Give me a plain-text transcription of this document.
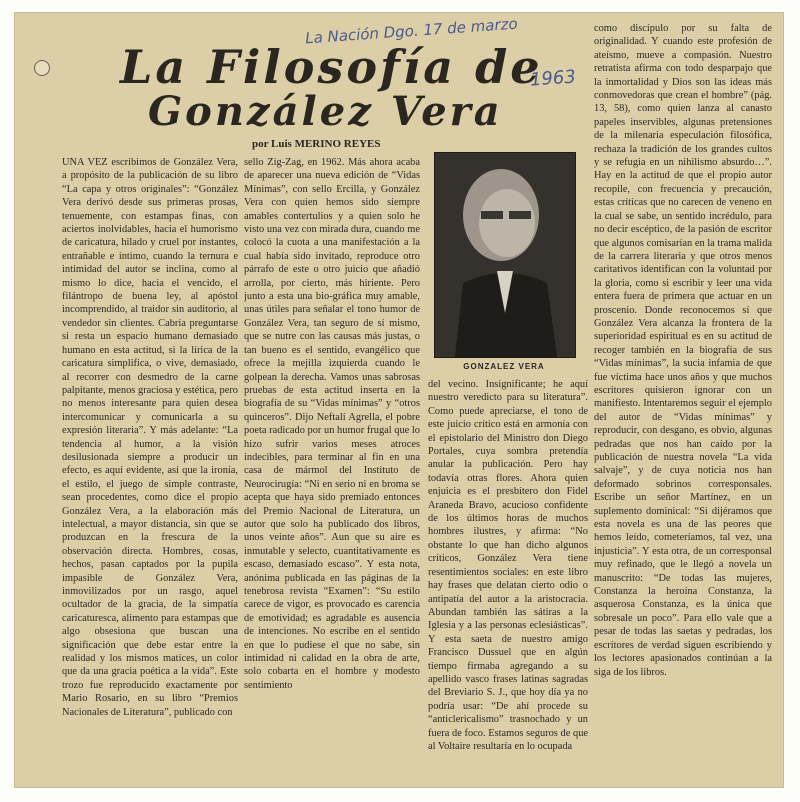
La Nación Dgo. 17 de marzo
1963
La Filosofía de
González Vera
por Luis MERINO REYES
UNA VEZ escribimos de González Vera, a propósito de la publicación de su libro “La capa y otros originales”: “González Vera derivó desde sus primeras prosas, tenuemente, con estampas finas, con aciertos inolvidables, hacia el humorismo de caricatura, hilado y cruel por instantes, entrañable e íntimo, cuando la ternura e intimidad del autor se inclina, como al mismo lo dice, hacia el vencido, el filántropo de buena ley, al apóstol incomprendido, al traidor sin auditorio, al vendedor sin clientes. Cabría preguntarse si resta un espacio humano demasiado humano en esta actitud, si la lírica de la caricatura simplifica, o vive, demasiado, al recorrer con desmedro de la carne palpitante, menos graciosa y estética, pero no menos interesante para quien desea intercomunicar y comunicarla a su expresión literaria”. Y más adelante: “La tendencia al humor, a la visión desilusionada siempre a producir un efecto, es aquí evidente, así que la ironía, el estilo, el juego de simple contraste, sean procedentes, como dice el propio González Vera, a la elaboración más intelectual, a mayor distancia, sin que se produzcan en la frescura de la observación directa. Hombres, cosas, hechos, pasan captados por la pupila impasible de González Vera, inmovilizados por un rasgo, aquel ocultador de la gracia, de la simpatía caricaturesca, alimento para estampas que algo obsesiona que buscan una significación que debe estar entre la realidad y los mismos matices, un color que da una gracia poética a la vida”. Este trozo fue reproducido exactamente por Mario Rosario, en su libro “Premios Nacionales de Literatura”, publicado con
sello Zig-Zag, en 1962. Más ahora acaba de aparecer una nueva edición de “Vidas Mínimas”, con sello Ercilla, y González Vera con quien hemos sido siempre amables contertulios y a quien solo he visto una vez con mirada dura, cuando me colocó la cuota a una manifestación a la cual había sido invitado, reproduce otro párrafo de este o otro juicio que añadió arrolla, por cierto, más hiriente. Pero junto a esta una bio-gráfica muy amable, unas útiles para señalar el tono humor de González Vera, tan seguro de sí mismo, que se nutre con las causas más justas, o tan bueno es el sentido, evangélico que ofrece la mejilla izquierda cuando le golpean la derecha. Vamos unas sabrosas pruebas de esta actitud inserta en la biografía de su “Vidas mínimas” y “otros quinceros”. Dijo Neftalí Agrella, el pobre poeta radicado por un humor frugal que lo hizo sufrir varios meses atroces indecibles, para terminar al fin en una casa de mármol del Instituto de Neurocirugía: “Ni en serio ni en broma se acepta que haya sido premiado entonces del Premio Nacional de Literatura, un autor que solo ha publicado dos libros, unos veinte años”. Aun que su aire es inmutable y selecto, cuantitativamente es escaso, demasiado escaso”. Y esta nota, anónima publicada en las páginas de la tenebrosa revista “Examen”: “Su estilo carece de vigor, es provocado es carencia de emotividad; es agradable es ausencia de intenciones. No escribe en el sentido en que lo pudiese el que no sabe, sin intimidad ni calidad en la obra de arte, solo cobarta en el hombre y modesto sentimiento
GONZALEZ VERA
del vecino. Insignificante; he aquí nuestro veredicto para su literatura”. Como puede apreciarse, el tono de este juicio crítico está en armonía con el epistolario del Ministro don Diego Portales, cuya sombra pretendía anular la publicación. Pero hay todavía otras flores. Ahora quien enjuicia es el presbítero don Fidel Araneda Bravo, acucioso confidente de los últimos horas de muchos hombres ilustres, y afirma: “No obstante lo que han dicho algunos críticos, González Vera tiene resentimientos sociales: en este libro hay frases que delatan cierto odio o antipatía del autor a la aristocracia. Abundan también las sátiras a la Iglesia y a las personas eclesiásticas”. Y esta saeta de nuestro amigo Francisco Dussuel que en algún tiempo firmaba agregando a su apellido vasco frases latinas sagradas del Breviario S. J., que hoy día ya no podría usar: “De ahí procede su “anticlericalismo” trasnochado y un fuera de foco. Estamos seguros de que al Voltaire resultaría en lo ocupada
como discípulo por su falta de originalidad. Y cuando este profesión de ateísmo, mueve a compasión. Nuestro retratista afirma con todo desparpajo que la inmortalidad y Dios son las ideas más conmovedoras que crean el hombre” (pág. 13, 58), como quien lanza al canasto papeles inservibles, algunas pretensiones de la milenaria especulación filosófica, rechaza la tradición de los grandes cultos y se refugia en un nihilismo absurdo…”. Hay en la actitud de que el propio autor recopile, con frecuencia y precaución, estas críticas que no carecen de veneno en la cual se sabe, un sentido incrédulo, para no decir escéptico, de la pasión de escritor que algunos comisarían en la trama malida de la carrera literaria y que otros menos caritativos identifican con la voluntad por la gloria, como si escribir y leer una vida entera fuera de primera que actuar en un proscenio. Donde reconocemos sí que González Vera alcanza la frontera de la superioridad espiritual es en su actitud de recoger también en la biografía de sus “Vidas mínimas”, la sucia infamia de que fue víctima hace unos años y que muchos escritores quisieron ignorar con un manifiesto. Intentaremos seguir el ejemplo del autor de “Vidas mínimas” y reproducir, con desgano, es obvio, algunas pedradas que nos han caído por la publicación de nuestra novela “La vida salvaje”, y de cuya noticia nos han deformado sobrinos corresponsales. Escribe un señor Martínez, en un suplemento dominical: “Si dijéramos que esta novela es una de las peores que hemos leído, cometeríamos, tal vez, una injusticia”. Y esta otra, de un corresponsal muy refinado, que le llegó a novela un manuscrito: “De todas las mujeres, Constanza la heroína Constanza, la asquerosa Constanza, es la única que sobresale un poco”. Para ello vale que a pesar de todas las saetas y pedradas, los escritores de verdad siguen escribiendo y los lectores apasionados continúan a la siga de los libros.
